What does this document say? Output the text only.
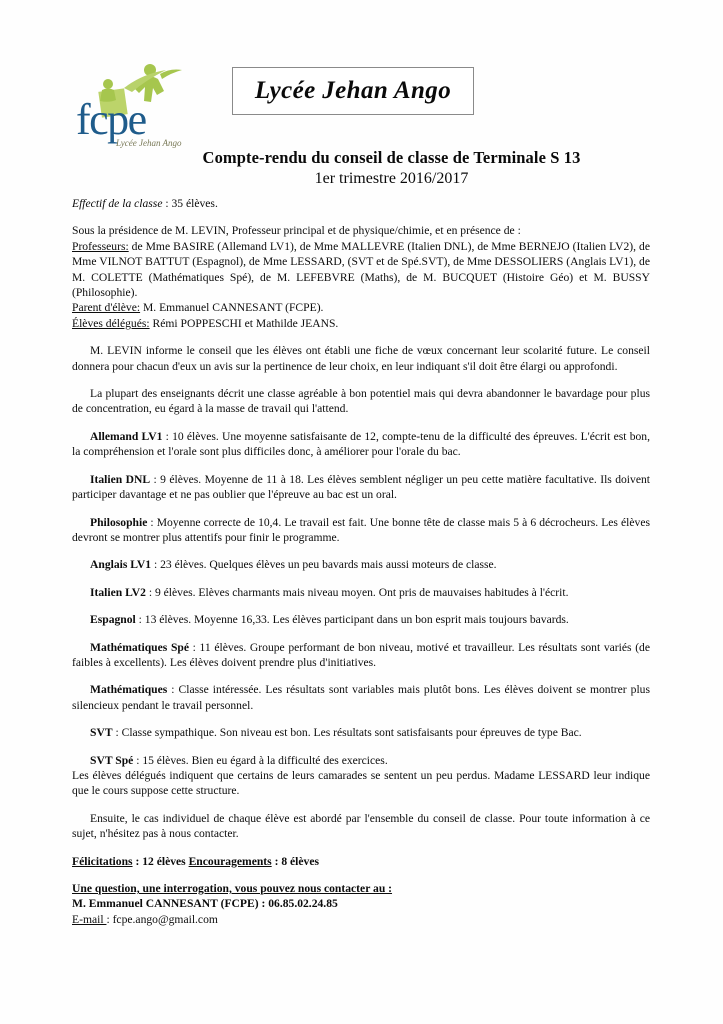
fcpe
Lycée Jehan Ango
Lycée Jehan Ango
Compte-rendu du conseil de classe de Terminale S 13
1er trimestre 2016/2017

Effectif de la classe : 35 élèves.

Sous la présidence de M. LEVIN, Professeur principal et de physique/chimie, et en présence de :

Professeurs: de Mme BASIRE (Allemand LV1), de Mme MALLEVRE (Italien DNL), de Mme BERNEJO (Italien LV2), de Mme VILNOT BATTUT (Espagnol), de Mme LESSARD, (SVT et de Spé.SVT), de Mme DESSOLIERS (Anglais LV1), de M. COLETTE (Mathématiques Spé), de M. LEFEBVRE (Maths), de M. BUCQUET (Histoire Géo) et M. BUSSY (Philosophie).

Parent d'élève: M. Emmanuel CANNESANT (FCPE).

Élèves délégués: Rémi POPPESCHI et Mathilde JEANS.

M. LEVIN informe le conseil que les élèves ont établi une fiche de vœux concernant leur scolarité future. Le conseil donnera pour chacun d'eux un avis sur la pertinence de leur choix, en leur indiquant s'il doit être élargi ou approfondi.

La plupart des enseignants décrit une classe agréable à bon potentiel mais qui devra abandonner le bavardage pour plus de concentration, eu égard à la masse de travail qui l'attend.

Allemand LV1 : 10 élèves. Une moyenne satisfaisante de 12, compte-tenu de la difficulté des épreuves. L'écrit est bon, la compréhension et l'orale sont plus difficiles donc, à améliorer pour l'orale du bac.

Italien DNL : 9 élèves. Moyenne de 11 à 18. Les élèves semblent négliger un peu cette matière facultative. Ils doivent participer davantage et ne pas oublier que l'épreuve au bac est un oral.

Philosophie : Moyenne correcte de 10,4. Le travail est fait. Une bonne tête de classe mais 5 à 6 décrocheurs. Les élèves devront se montrer plus attentifs pour finir le programme.

Anglais LV1 : 23 élèves. Quelques élèves un peu bavards mais aussi moteurs de classe.

Italien LV2 : 9 élèves. Elèves charmants mais niveau moyen. Ont pris de mauvaises habitudes à l'écrit.

Espagnol : 13 élèves. Moyenne 16,33. Les élèves participant dans un bon esprit mais toujours bavards.

Mathématiques Spé : 11 élèves. Groupe performant de bon niveau, motivé et travailleur. Les résultats sont variés (de faibles à excellents). Les élèves doivent prendre plus d'initiatives.

Mathématiques : Classe intéressée. Les résultats sont variables mais plutôt bons. Les élèves doivent se montrer plus silencieux pendant le travail personnel.

SVT : Classe sympathique. Son niveau est bon. Les résultats sont satisfaisants pour épreuves de type Bac.

SVT Spé : 15 élèves. Bien eu égard à la difficulté des exercices.

Les élèves délégués indiquent que certains de leurs camarades se sentent un peu perdus. Madame LESSARD leur indique que le cours suppose cette structure.

Ensuite, le cas individuel de chaque élève est abordé par l'ensemble du conseil de classe. Pour toute information à ce sujet, n'hésitez pas à nous contacter.

Félicitations : 12 élèves Encouragements : 8 élèves

Une question, une interrogation, vous pouvez nous contacter au :

M. Emmanuel CANNESANT (FCPE) : 06.85.02.24.85

E-mail : fcpe.ango@gmail.com
